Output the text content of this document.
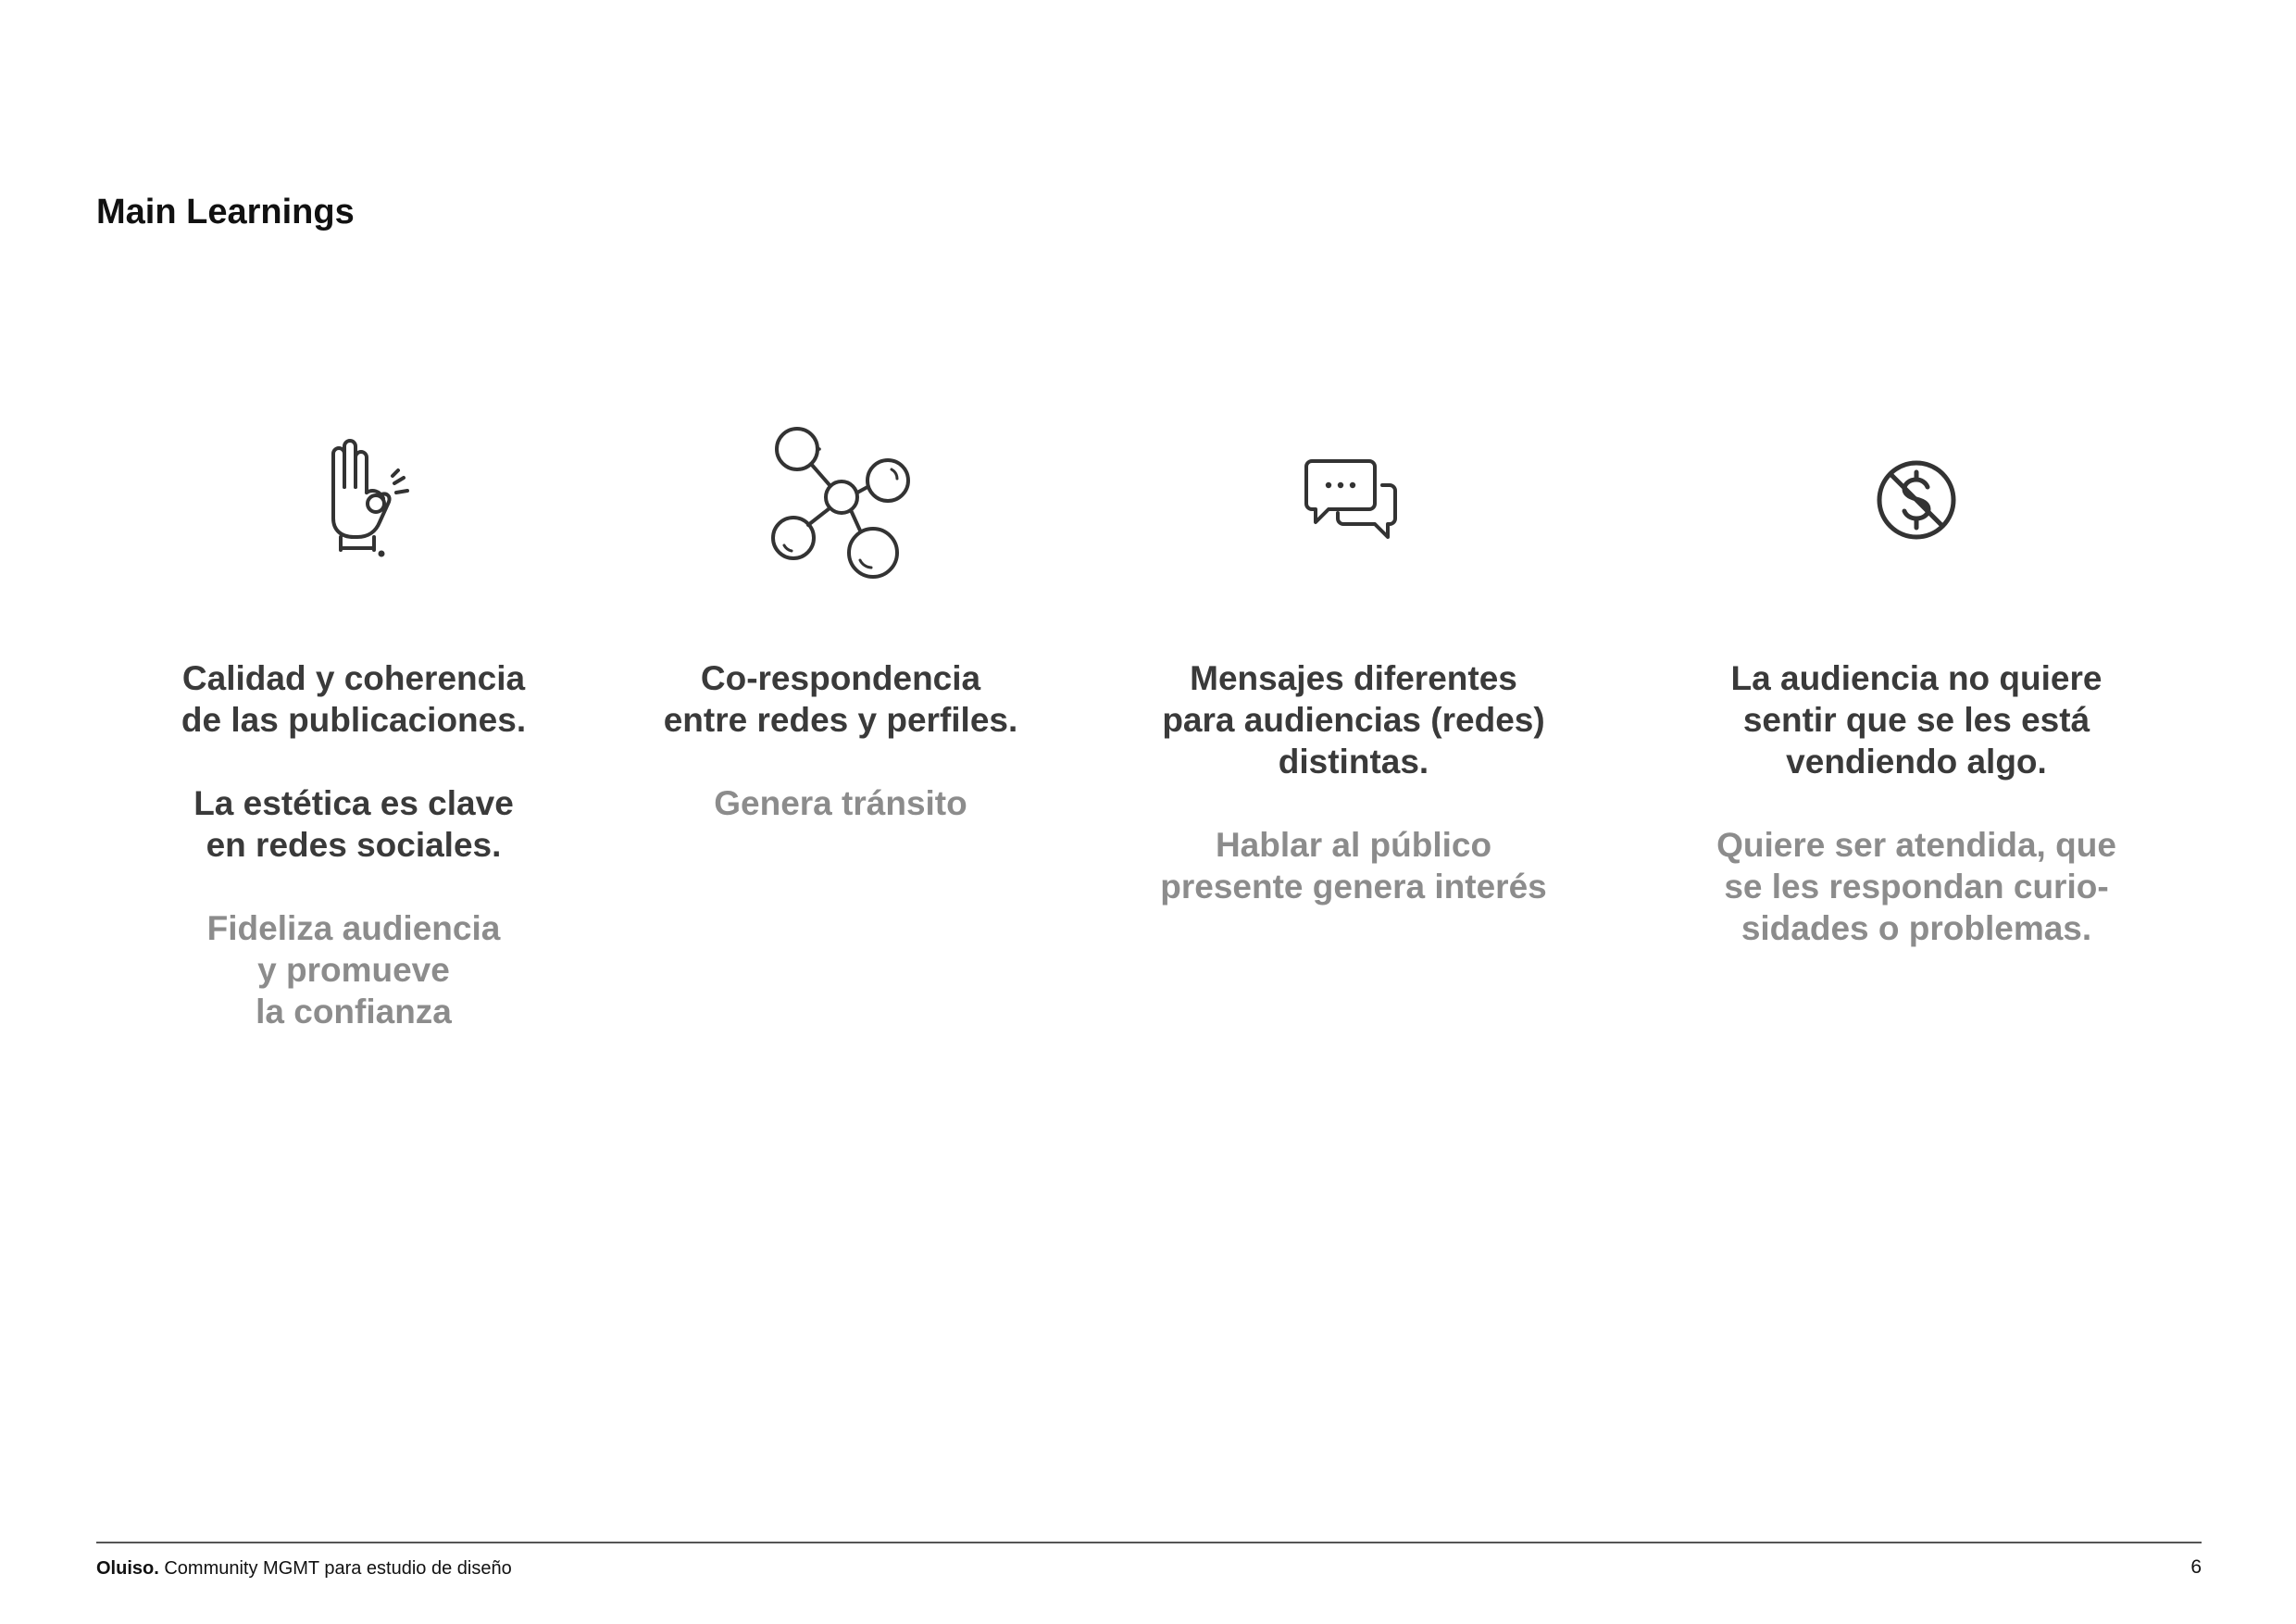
Main Learnings
Calidad y coherencia
de las publicaciones.
La estética es clave
en redes sociales.
Fideliza audiencia
y promueve
la confianza
Co-respondencia
entre redes y perfiles.
Genera tránsito
Mensajes diferentes
para audiencias (redes)
distintas.
Hablar al público
presente genera interés
La audiencia no quiere
sentir que se les está
vendiendo algo.
Quiere ser atendida, que
se les respondan curio-
sidades o problemas.
Oluiso. Community MGMT para estudio de diseño	6
